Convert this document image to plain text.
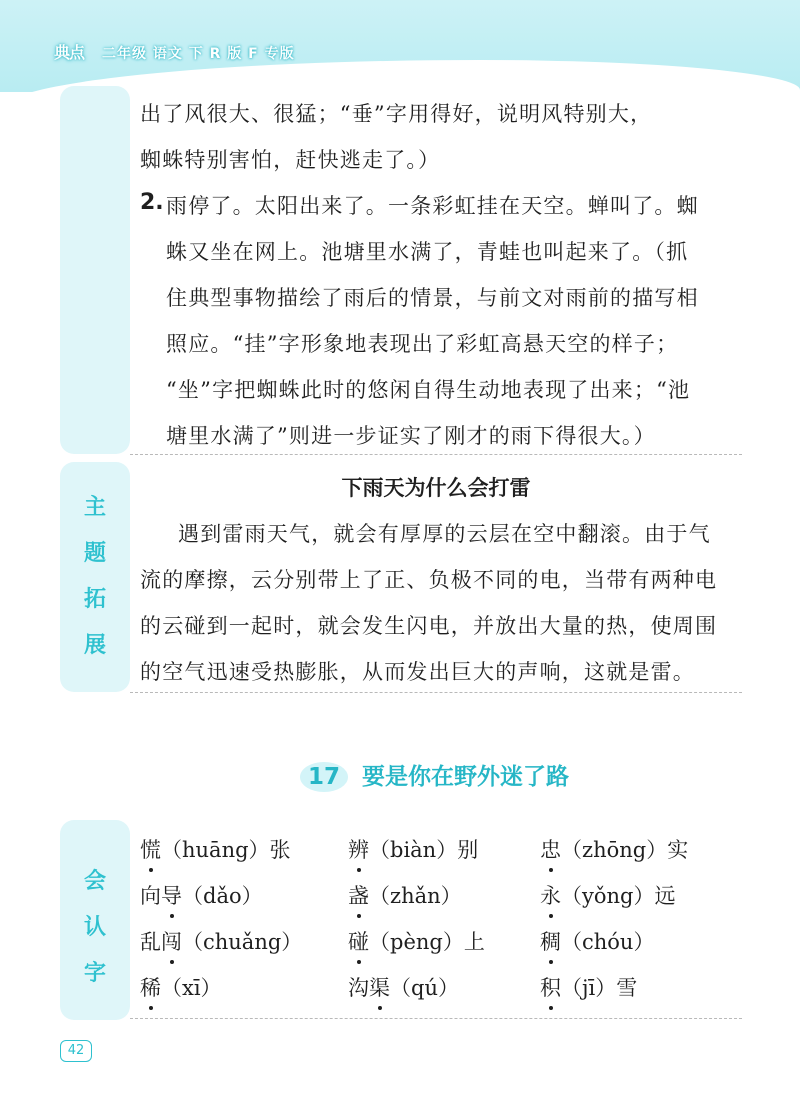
典点	二年级 语文 下 R 版 F 专版
出了风很大、很猛；“垂”字用得好，说明风特别大，
蜘蛛特别害怕，赶快逃走了。）
2. 雨停了。太阳出来了。一条彩虹挂在天空。蝉叫了。蜘
蛛又坐在网上。池塘里水满了，青蛙也叫起来了。（抓
住典型事物描绘了雨后的情景，与前文对雨前的描写相
照应。“挂”字形象地表现出了彩虹高悬天空的样子；
“坐”字把蜘蛛此时的悠闲自得生动地表现了出来；“池
塘里水满了”则进一步证实了刚才的雨下得很大。）
主
题
拓
展
下雨天为什么会打雷
遇到雷雨天气，就会有厚厚的云层在空中翻滚。由于气
流的摩擦，云分别带上了正、负极不同的电，当带有两种电
的云碰到一起时，就会发生闪电，并放出大量的热，使周围
的空气迅速受热膨胀，从而发出巨大的声响，这就是雷。
17 要是你在野外迷了路
会
认
字
慌（huāng）张	辨（biàn）别	忠（zhōng）实
向导（dǎo）	盏（zhǎn）	永（yǒng）远
乱闯（chuǎng） 碰（pèng）上	稠（chóu）
稀（xī）	沟渠（qú）	积（jī）雪
42
